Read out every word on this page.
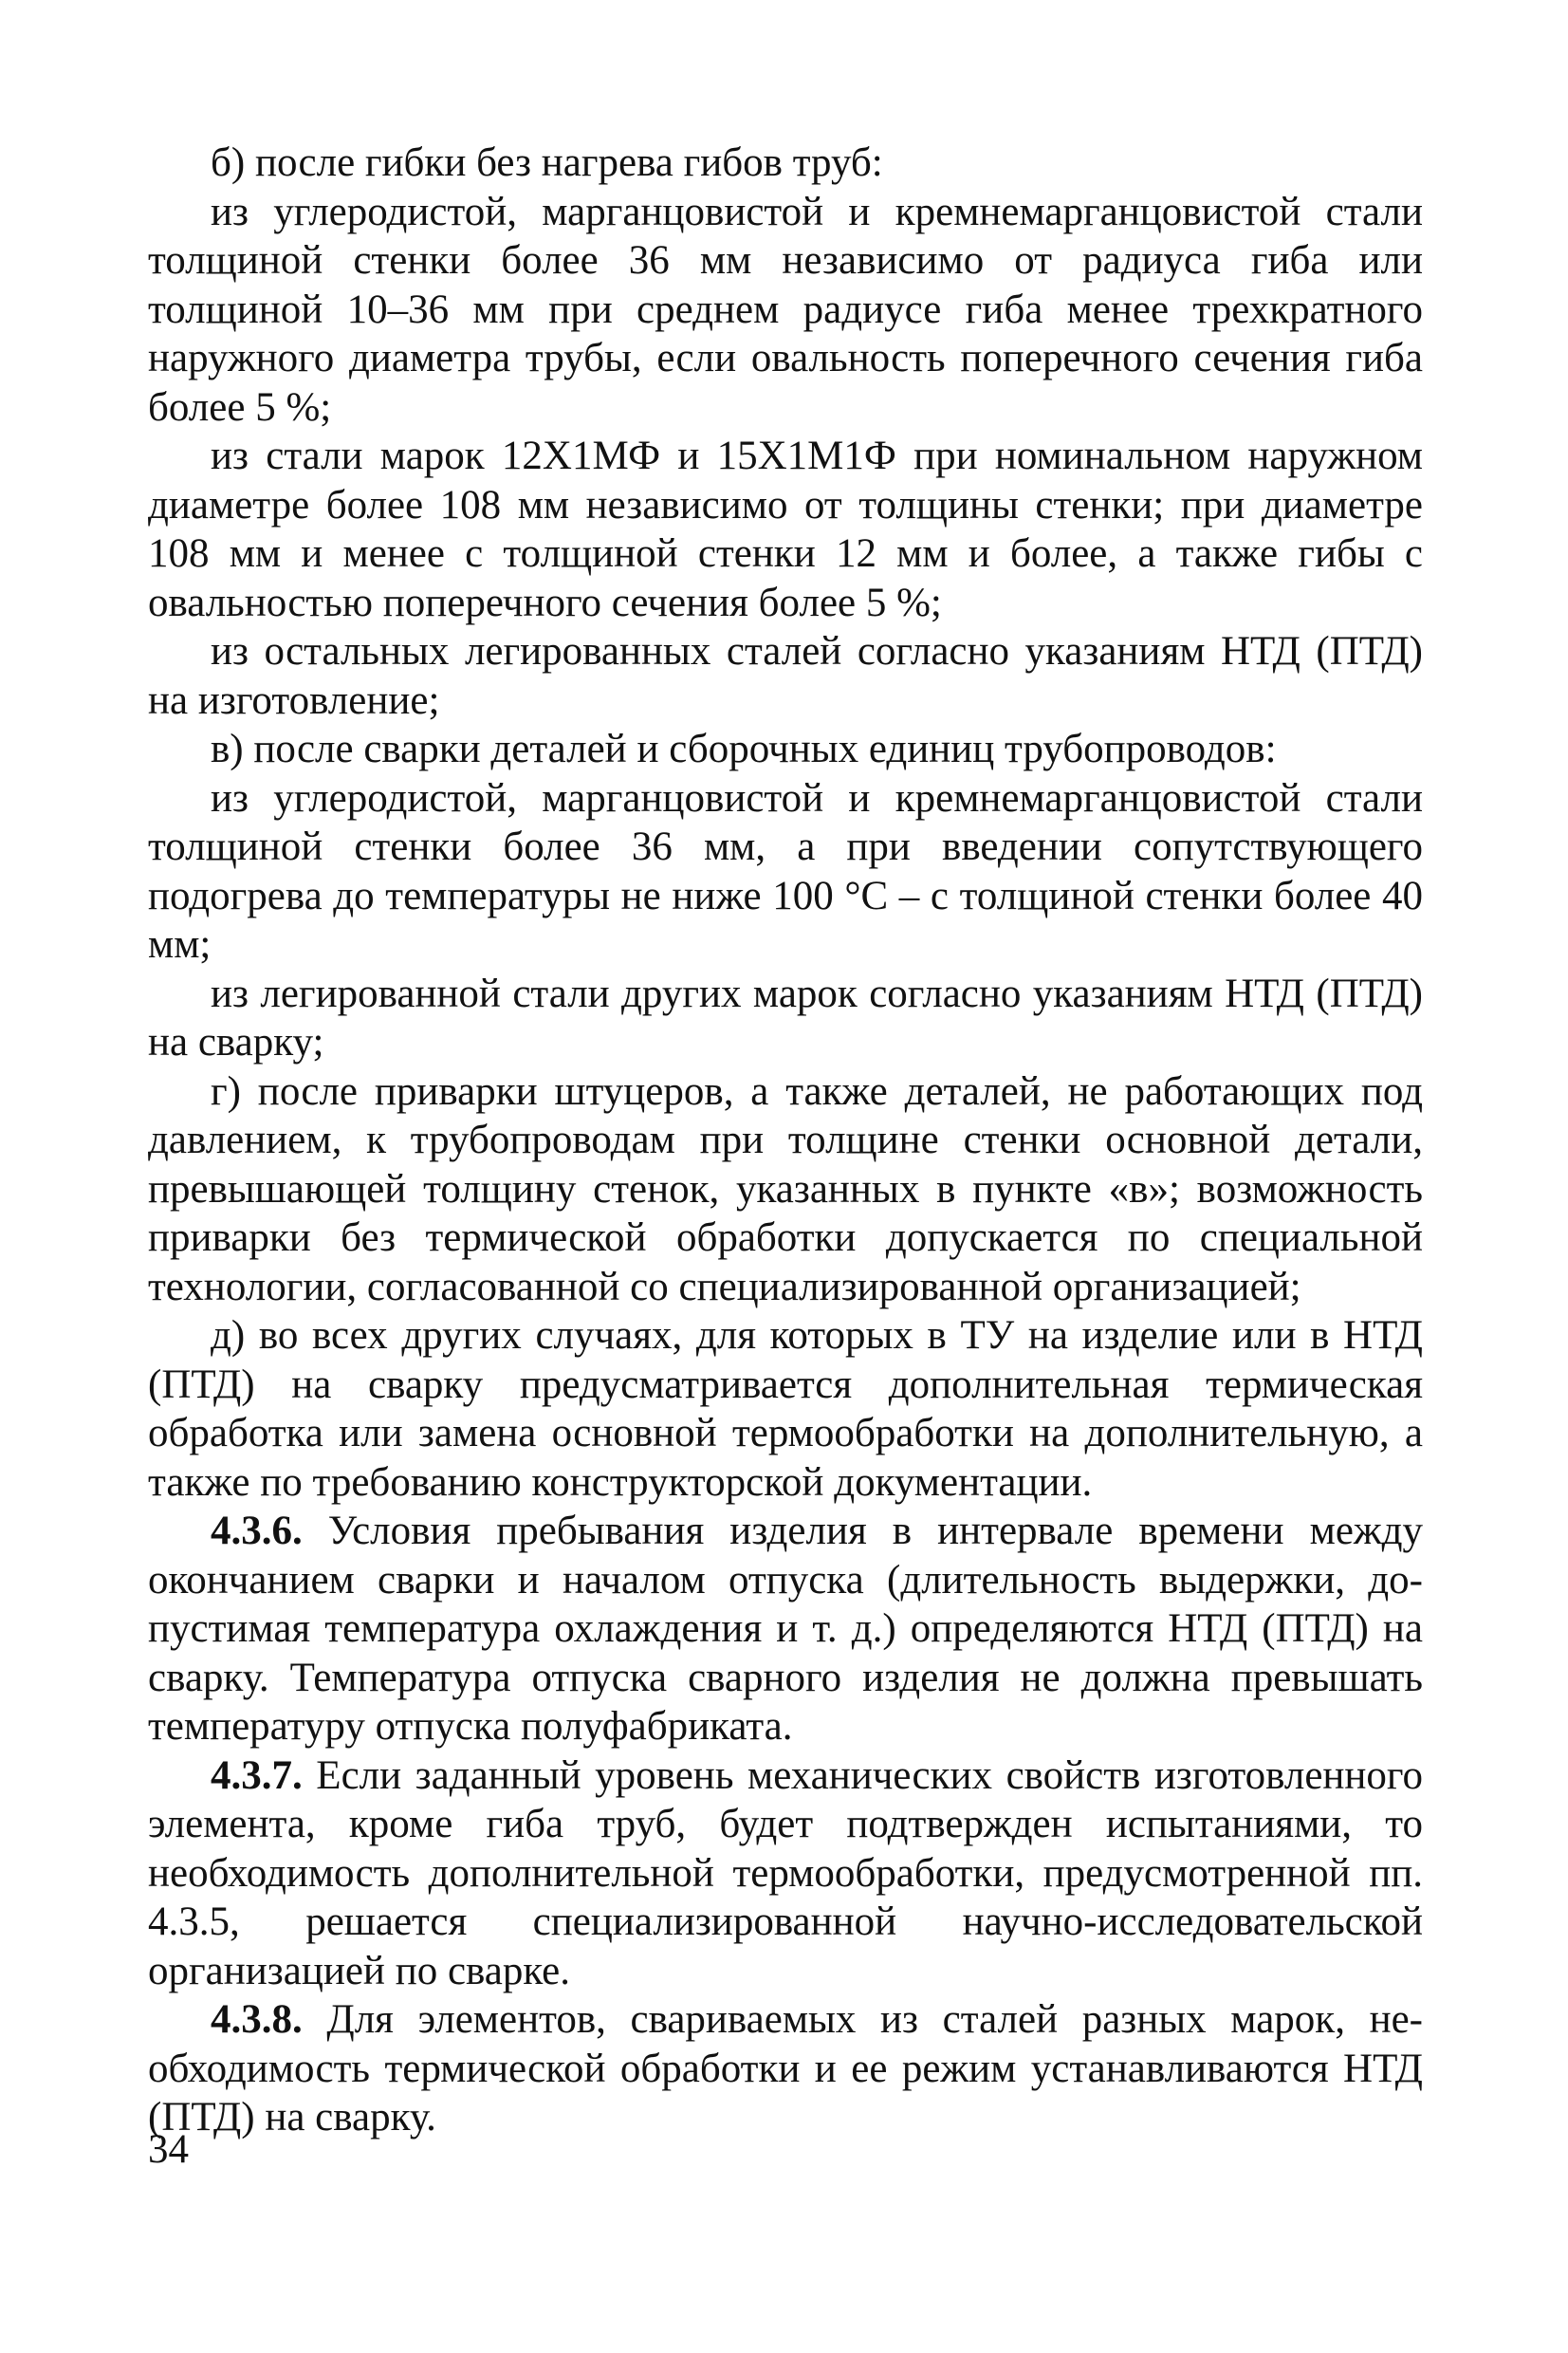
б) после гибки без нагрева гибов труб:

из углеродистой, марганцовистой и кремнемарганцовистой стали толщиной стенки более 36 мм независимо от радиуса гиба или толщиной 10–36 мм при среднем радиусе гиба менее трехкратного наружного диаметра трубы, если овальность поперечного сечения гиба более 5 %;

из стали марок 12Х1МФ и 15Х1М1Ф при номинальном наружном диаметре более 108 мм независимо от толщины стенки; при диаметре 108 мм и менее с толщиной стенки 12 мм и более, а также гибы с овальностью поперечного сечения более 5 %;

из остальных легированных сталей согласно указаниям НТД (ПТД) на изготовление;

в) после сварки деталей и сборочных единиц трубопроводов:

из углеродистой, марганцовистой и кремнемарганцовистой стали толщиной стенки более 36 мм, а при введении сопутствующего подогрева до температуры не ниже 100 °С – с толщиной стенки более 40 мм;

из легированной стали других марок согласно указаниям НТД (ПТД) на сварку;

г) после приварки штуцеров, а также деталей, не работающих под давлением, к трубопроводам при толщине стенки основной детали, превышающей толщину стенок, указанных в пункте «в»; возможность приварки без термической обработки допускается по специальной технологии, согласованной со специализированной организацией;

д) во всех других случаях, для которых в ТУ на изделие или в НТД (ПТД) на сварку предусматривается дополнительная термическая обработка или замена основной термообработки на дополнительную, а также по требованию конструкторской документации.

4.3.6. Условия пребывания изделия в интервале времени между окончанием сварки и началом отпуска (длительность выдержки, допустимая температура охлаждения и т. д.) определяются НТД (ПТД) на сварку. Температура отпуска сварного изделия не должна превышать температуру отпуска полуфабриката.

4.3.7. Если заданный уровень механических свойств изготовленного элемента, кроме гиба труб, будет подтвержден испытаниями, то необходимость дополнительной термообработки, предусмотренной пп. 4.3.5, решается специализированной научно-исследовательской организацией по сварке.

4.3.8. Для элементов, свариваемых из сталей разных марок, необходимость термической обработки и ее режим устанавливаются НТД (ПТД) на сварку.

34
